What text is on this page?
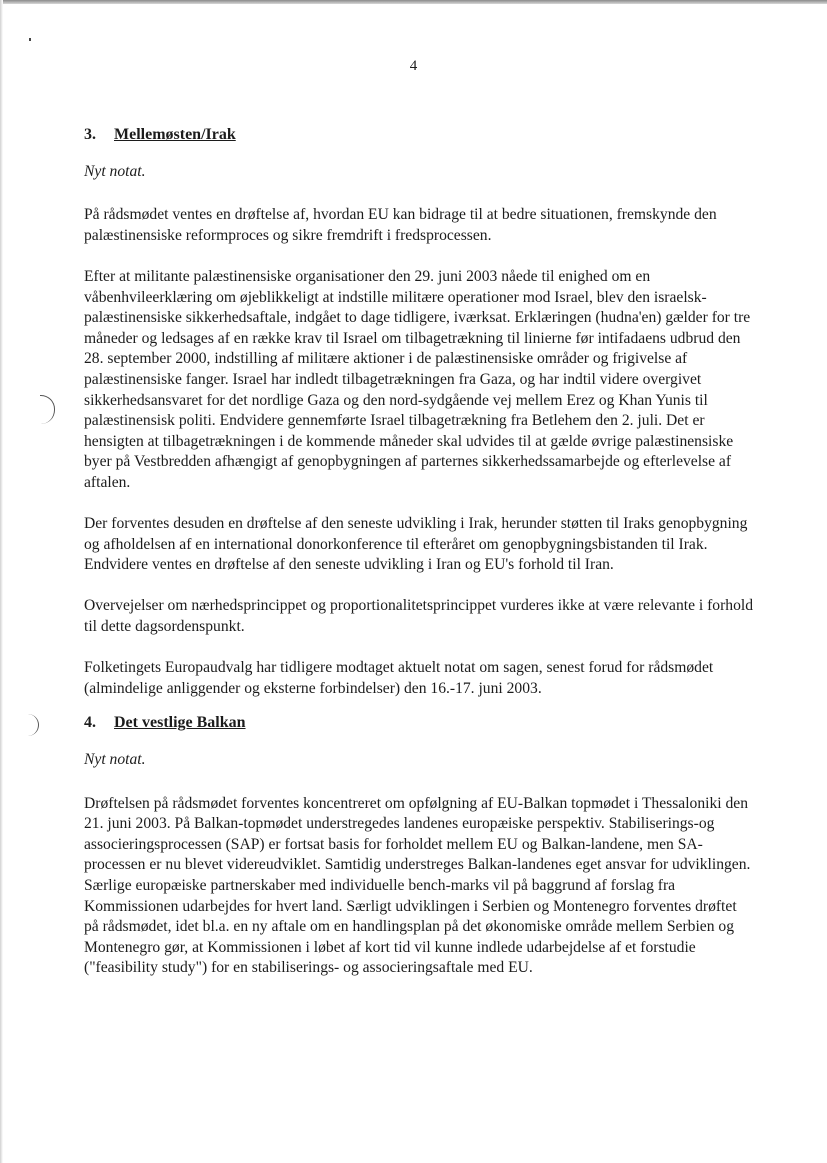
4
3. Mellemøsten/Irak

Nyt notat.

På rådsmødet ventes en drøftelse af, hvordan EU kan bidrage til at bedre situationen, fremskynde den palæstinensiske reformproces og sikre fremdrift i fredsprocessen.

Efter at militante palæstinensiske organisationer den 29. juni 2003 nåede til enighed om en våbenhvileerklæring om øjeblikkeligt at indstille militære operationer mod Israel, blev den israelsk-palæstinensiske sikkerhedsaftale, indgået to dage tidligere, iværksat. Erklæringen (hudna'en) gælder for tre måneder og ledsages af en række krav til Israel om tilbagetrækning til linierne før intifadaens udbrud den 28. september 2000, indstilling af militære aktioner i de palæstinensiske områder og frigivelse af palæstinensiske fanger. Israel har indledt tilbagetrækningen fra Gaza, og har indtil videre overgivet sikkerhedsansvaret for det nordlige Gaza og den nord-sydgående vej mellem Erez og Khan Yunis til palæstinensisk politi. Endvidere gennemførte Israel tilbagetrækning fra Betlehem den 2. juli. Det er hensigten at tilbagetrækningen i de kommende måneder skal udvides til at gælde øvrige palæstinensiske byer på Vestbredden afhængigt af genopbygningen af parternes sikkerhedssamarbejde og efterlevelse af aftalen.

Der forventes desuden en drøftelse af den seneste udvikling i Irak, herunder støtten til Iraks genopbygning og afholdelsen af en international donorkonference til efteråret om genopbygningsbistanden til Irak. Endvidere ventes en drøftelse af den seneste udvikling i Iran og EU's forhold til Iran.

Overvejelser om nærhedsprincippet og proportionalitetsprincippet vurderes ikke at være relevante i forhold til dette dagsordenspunkt.

Folketingets Europaudvalg har tidligere modtaget aktuelt notat om sagen, senest forud for rådsmødet (almindelige anliggender og eksterne forbindelser) den 16.-17. juni 2003.

4. Det vestlige Balkan

Nyt notat.

Drøftelsen på rådsmødet forventes koncentreret om opfølgning af EU-Balkan topmødet i Thessaloniki den 21. juni 2003. På Balkan-topmødet understregedes landenes europæiske perspektiv. Stabiliserings-og associeringsprocessen (SAP) er fortsat basis for forholdet mellem EU og Balkan-landene, men SA-processen er nu blevet videreudviklet. Samtidig understreges Balkan-landenes eget ansvar for udviklingen. Særlige europæiske partnerskaber med individuelle bench-marks vil på baggrund af forslag fra Kommissionen udarbejdes for hvert land. Særligt udviklingen i Serbien og Montenegro forventes drøftet på rådsmødet, idet bl.a. en ny aftale om en handlingsplan på det økonomiske område mellem Serbien og Montenegro gør, at Kommissionen i løbet af kort tid vil kunne indlede udarbejdelse af et forstudie ("feasibility study") for en stabiliserings- og associeringsaftale med EU.
